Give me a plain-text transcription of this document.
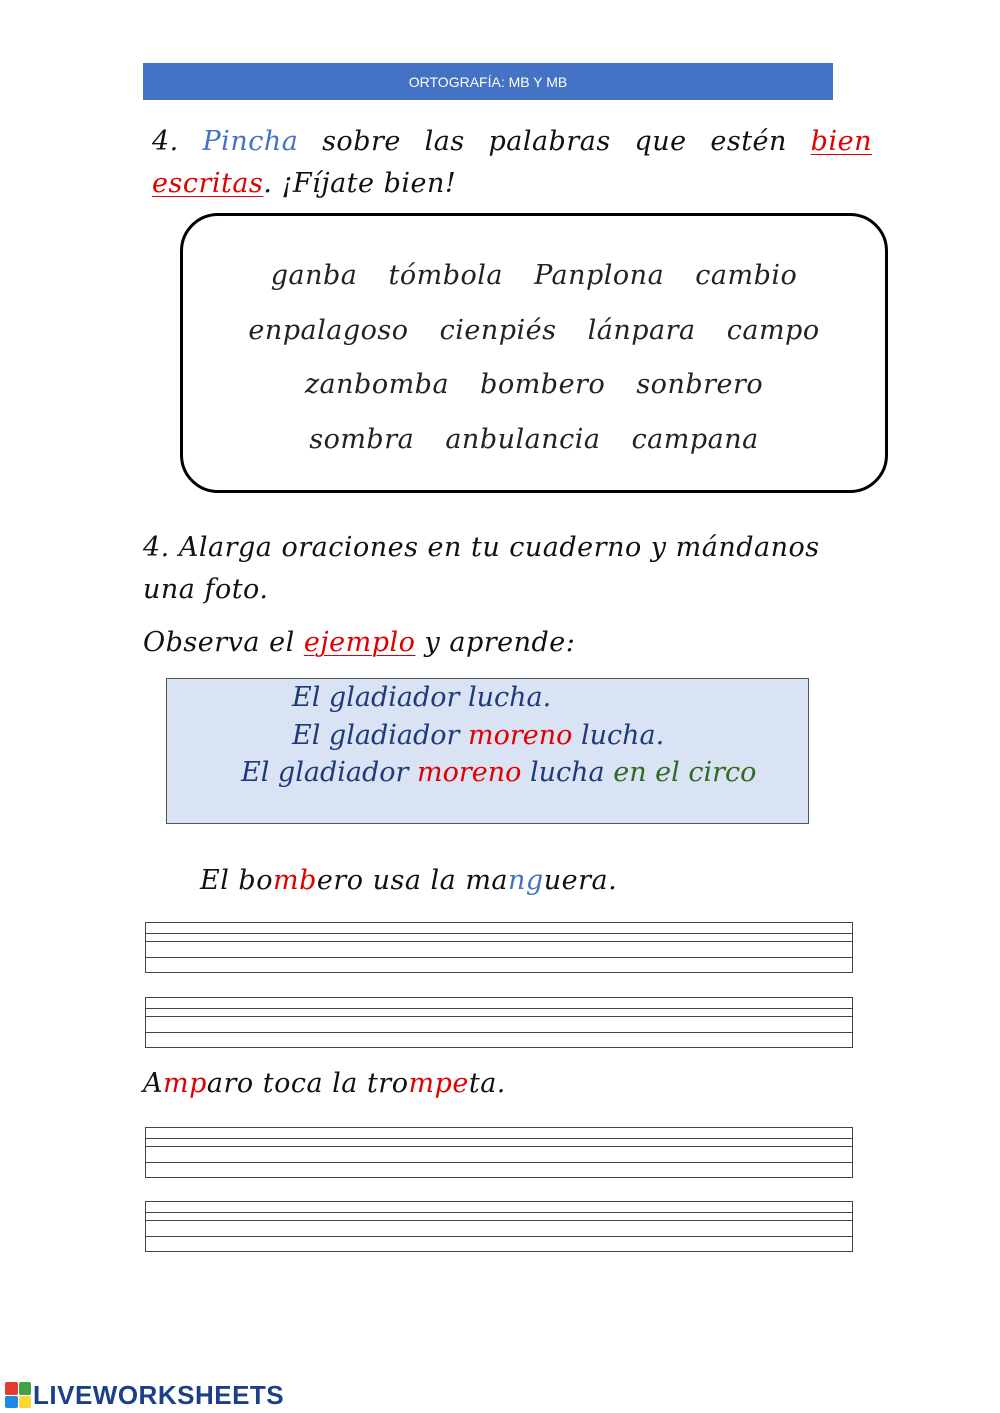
ORTOGRAFÍA: MB Y MB
4. Pincha sobre las palabras que estén bien escritas. ¡Fíjate bien!
ganba tómbola Panplona cambio
enpalagoso cienpiés lánpara campo
zanbomba bombero sonbrero
sombra anbulancia campana
4. Alarga oraciones en tu cuaderno y mándanos una foto.
Observa el ejemplo y aprende:
El gladiador lucha.
El gladiador moreno lucha.
El gladiador moreno lucha en el circo
El bombero usa la manguera.
Amparo toca la trompeta.
LIVEWORKSHEETS
